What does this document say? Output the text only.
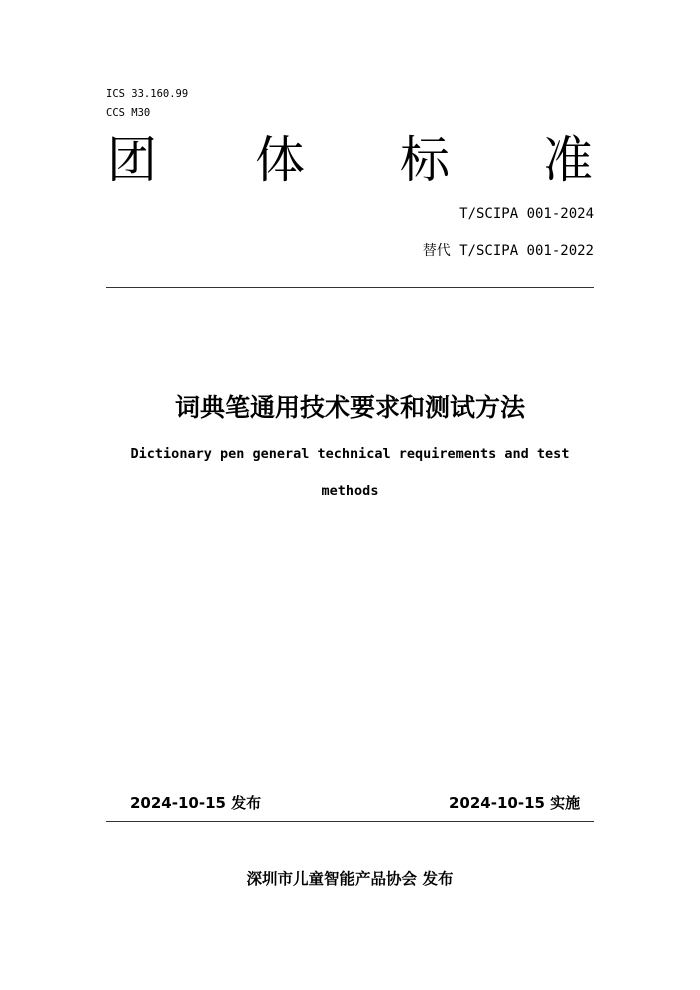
ICS 33.160.99
CCS M30
团 体 标 准
T/SCIPA 001-2024
替代 T/SCIPA 001-2022
词典笔通用技术要求和测试方法
Dictionary pen general technical requirements and test
methods
2024-10-15 发布	2024-10-15 实施
深圳市儿童智能产品协会 发布
